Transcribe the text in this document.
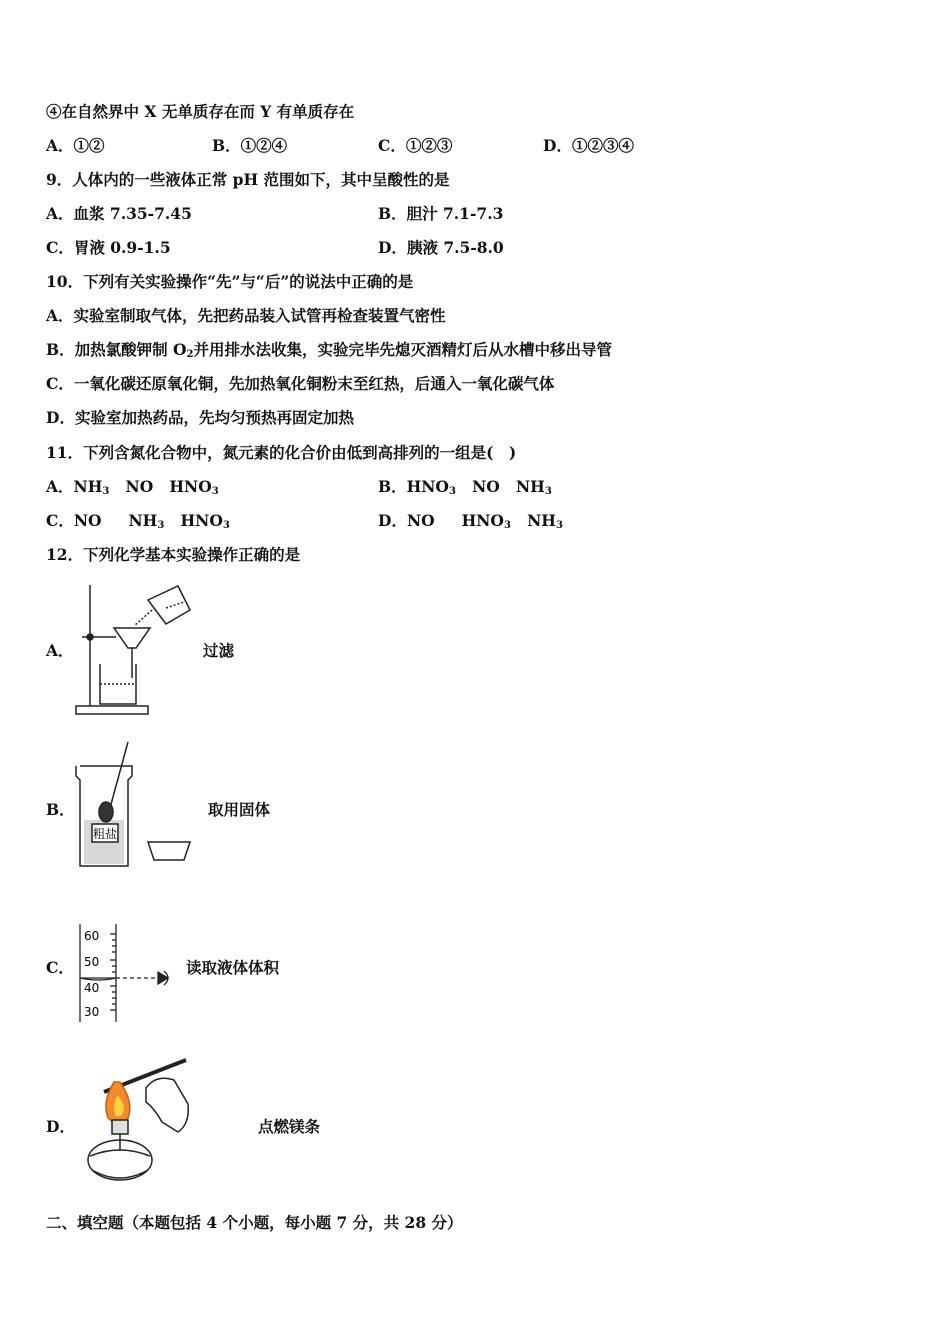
④在自然界中 X 无单质存在而 Y 有单质存在
A．①②	B．①②④	C．①②③	D．①②③④
9．人体内的一些液体正常 pH 范围如下，其中呈酸性的是
A．血浆 7.35-7.45	B．胆汁 7.1-7.3
C．胃液 0.9-1.5	D．胰液 7.5-8.0
10．下列有关实验操作“先”与“后”的说法中正确的是
A．实验室制取气体，先把药品装入试管再检查装置气密性
B．加热氯酸钾制 $O_2$并用排水法收集，实验完毕先熄灭酒精灯后从水槽中移出导管
C．一氧化碳还原氧化铜，先加热氧化铜粉末至红热，后通入一氧化碳气体
D．实验室加热药品，先均匀预热再固定加热
11．下列含氮化合物中，氮元素的化合价由低到高排列的一组是(　)
A．$NH_3$ NO $HNO_3$	B．$HNO_3$ NO $NH_3$
C．NO $NH_3$ $HNO_3$	D．NO $HNO_3$ $NH_3$
12．下列化学基本实验操作正确的是
A．	过滤
B．
粗盐
取用固体
C．
60
50
40
30
读取液体体积
D．	点燃镁条
二、填空题（本题包括 4 个小题，每小题 7 分，共 28 分）
